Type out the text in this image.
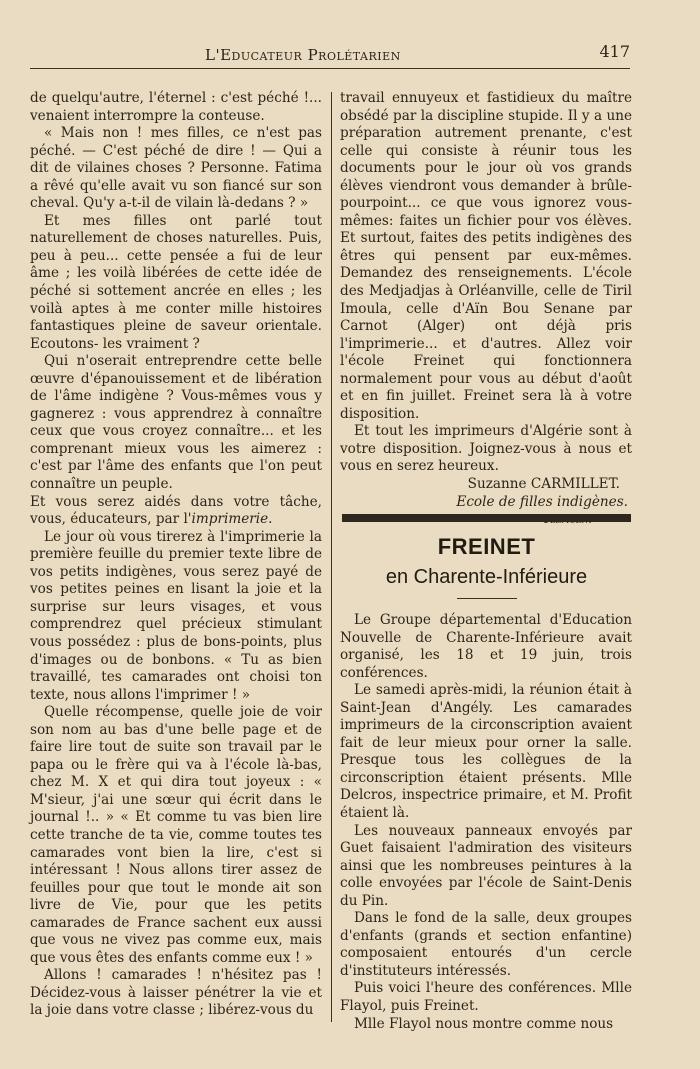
L'Educateur Prolétarien	417

de quelqu'autre, l'éternel : c'est péché !... venaient interrompre la conteuse.

« Mais non ! mes filles, ce n'est pas péché. — C'est péché de dire ! — Qui a dit de vilaines choses ? Personne. Fatima a rêvé qu'elle avait vu son fiancé sur son cheval. Qu'y a-t-il de vilain là-dedans ? »

Et mes filles ont parlé tout naturellement de choses naturelles. Puis, peu à peu... cette pensée a fui de leur âme ; les voilà libérées de cette idée de péché si sottement ancrée en elles ; les voilà aptes à me conter mille histoires fantastiques pleine de saveur orientale. Ecoutons- les vraiment ?

Qui n'oserait entreprendre cette belle œuvre d'épanouissement et de libération de l'âme indigène ? Vous-mêmes vous y gagnerez : vous apprendrez à connaître ceux que vous croyez connaître... et les comprenant mieux vous les aimerez : c'est par l'âme des enfants que l'on peut connaître un peuple.

Et vous serez aidés dans votre tâche, vous, éducateurs, par l'imprimerie.

Le jour où vous tirerez à l'imprimerie la première feuille du premier texte libre de vos petits indigènes, vous serez payé de vos petites peines en lisant la joie et la surprise sur leurs visages, et vous comprendrez quel précieux stimulant vous possédez : plus de bons-points, plus d'images ou de bonbons. « Tu as bien travaillé, tes camarades ont choisi ton texte, nous allons l'imprimer ! »

Quelle récompense, quelle joie de voir son nom au bas d'une belle page et de faire lire tout de suite son travail par le papa ou le frère qui va à l'école là-bas, chez M. X et qui dira tout joyeux : « M'sieur, j'ai une sœur qui écrit dans le journal !.. » « Et comme tu vas bien lire cette tranche de ta vie, comme toutes tes camarades vont bien la lire, c'est si intéressant ! Nous allons tirer assez de feuilles pour que tout le monde ait son livre de Vie, pour que les petits camarades de France sachent eux aussi que vous ne vivez pas comme eux, mais que vous êtes des enfants comme eux ! »

Allons ! camarades ! n'hésitez pas ! Décidez-vous à laisser pénétrer la vie et la joie dans votre classe ; libérez-vous du

travail ennuyeux et fastidieux du maître obsédé par la discipline stupide. Il y a une préparation autrement prenante, c'est celle qui consiste à réunir tous les documents pour le jour où vos grands élèves viendront vous demander à brûle-pourpoint... ce que vous ignorez vous-mêmes: faites un fichier pour vos élèves. Et surtout, faites des petits indigènes des êtres qui pensent par eux-mêmes. Demandez des renseignements. L'école des Medjadjas à Orléanville, celle de Tiril Imoula, celle d'Aïn Bou Senane par Carnot (Alger) ont déjà pris l'imprimerie... et d'autres. Allez voir l'école Freinet qui fonctionnera normalement pour vous au début d'août et en fin juillet. Freinet sera là à votre disposition.

Et tout les imprimeurs d'Algérie sont à votre disposition. Joignez-vous à nous et vous en serez heureux.

Suzanne CARMILLET.

Ecole de filles indigènes.

FREINET
en Charente-Inférieure

Le Groupe départemental d'Education Nouvelle de Charente-Inférieure avait organisé, les 18 et 19 juin, trois conférences.

Le samedi après-midi, la réunion était à Saint-Jean d'Angély. Les camarades imprimeurs de la circonscription avaient fait de leur mieux pour orner la salle. Presque tous les collègues de la circonscription étaient présents. Mlle Delcros, inspectrice primaire, et M. Profit étaient là.

Les nouveaux panneaux envoyés par Guet faisaient l'admiration des visiteurs ainsi que les nombreuses peintures à la colle envoyées par l'école de Saint-Denis du Pin.

Dans le fond de la salle, deux groupes d'enfants (grands et section enfantine) composaient entourés d'un cercle d'instituteurs intéressés.

Puis voici l'heure des conférences. Mlle Flayol, puis Freinet.

Mlle Flayol nous montre comme nous
